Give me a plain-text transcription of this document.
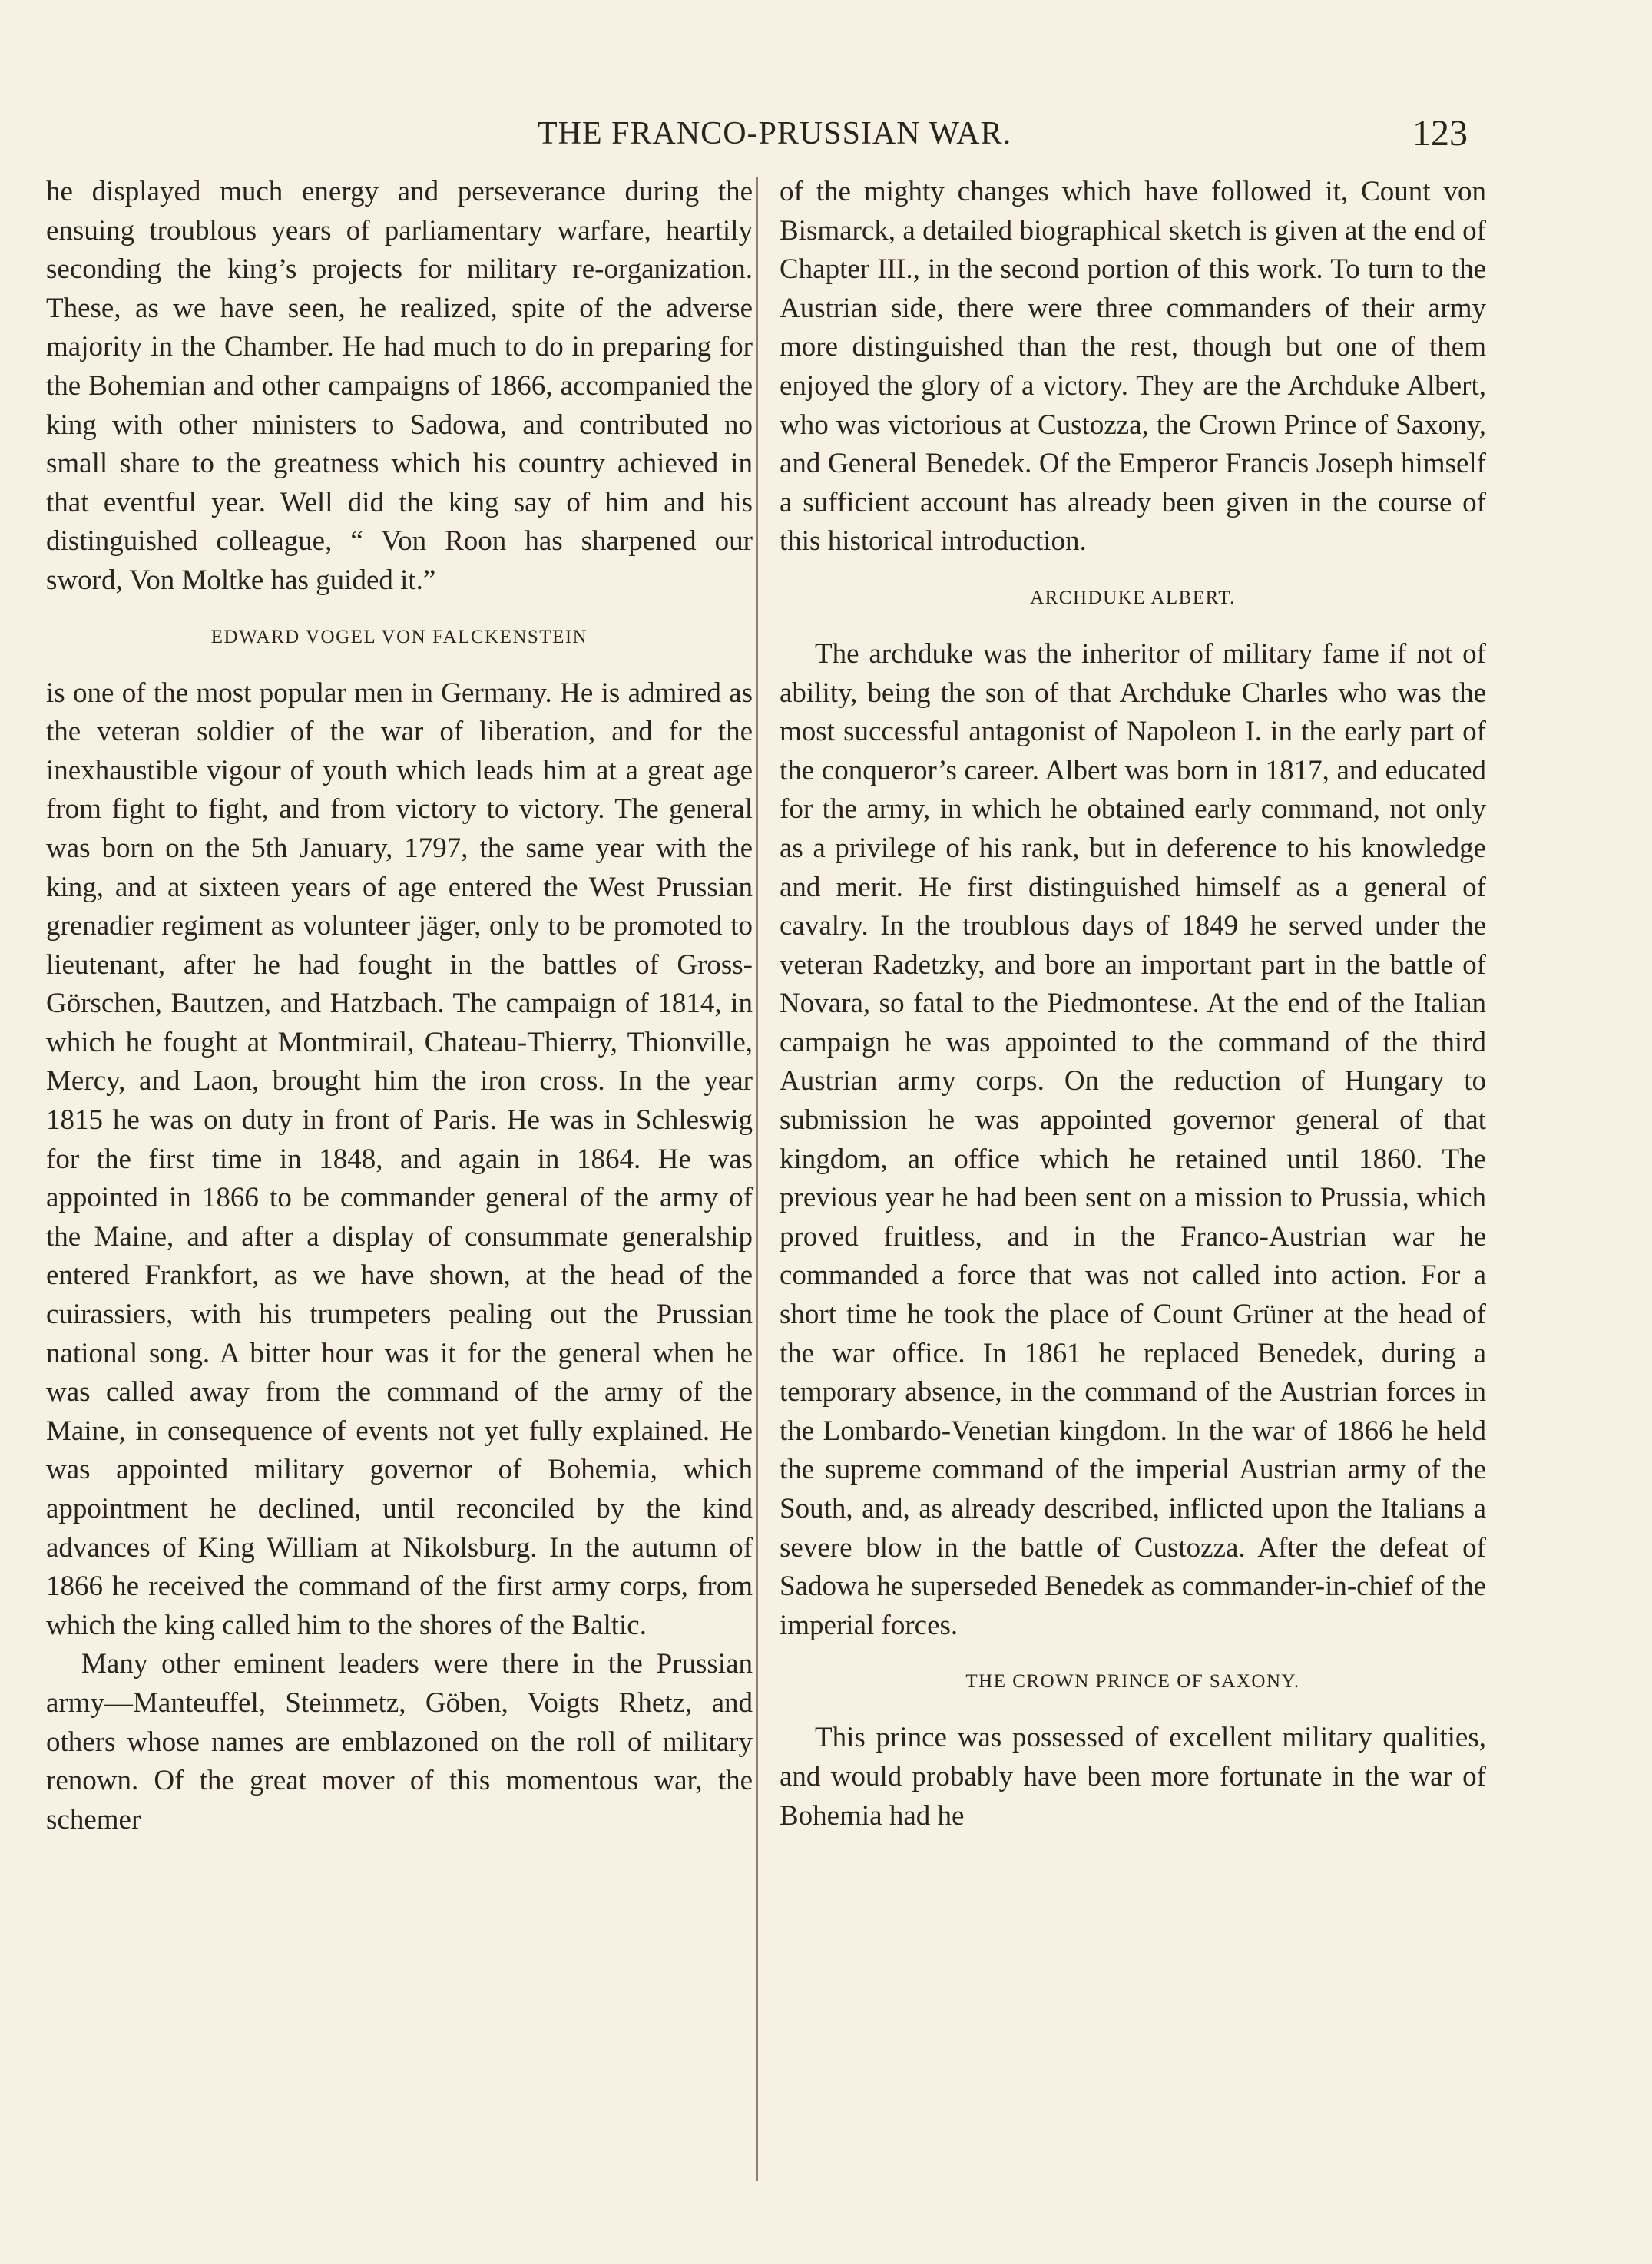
THE FRANCO-PRUSSIAN WAR.	123

he displayed much energy and perseverance during the ensuing troublous years of parliamentary warfare, heartily seconding the king’s projects for military re-organization. These, as we have seen, he realized, spite of the adverse majority in the Chamber. He had much to do in preparing for the Bohemian and other campaigns of 1866, accompanied the king with other ministers to Sadowa, and contributed no small share to the greatness which his country achieved in that eventful year. Well did the king say of him and his distinguished colleague, “ Von Roon has sharpened our sword, Von Moltke has guided it.”

EDWARD VOGEL VON FALCKENSTEIN

is one of the most popular men in Germany. He is admired as the veteran soldier of the war of liberation, and for the inexhaustible vigour of youth which leads him at a great age from fight to fight, and from victory to victory. The general was born on the 5th January, 1797, the same year with the king, and at sixteen years of age entered the West Prussian grenadier regiment as volunteer jäger, only to be promoted to lieutenant, after he had fought in the battles of Gross-Görschen, Bautzen, and Hatzbach. The campaign of 1814, in which he fought at Montmirail, Chateau-Thierry, Thionville, Mercy, and Laon, brought him the iron cross. In the year 1815 he was on duty in front of Paris. He was in Schleswig for the first time in 1848, and again in 1864. He was appointed in 1866 to be commander general of the army of the Maine, and after a display of consummate generalship entered Frankfort, as we have shown, at the head of the cuirassiers, with his trumpeters pealing out the Prussian national song. A bitter hour was it for the general when he was called away from the command of the army of the Maine, in consequence of events not yet fully explained. He was appointed military governor of Bohemia, which appointment he declined, until reconciled by the kind advances of King William at Nikolsburg. In the autumn of 1866 he received the command of the first army corps, from which the king called him to the shores of the Baltic.

Many other eminent leaders were there in the Prussian army—Manteuffel, Steinmetz, Göben, Voigts Rhetz, and others whose names are emblazoned on the roll of military renown. Of the great mover of this momentous war, the schemer

of the mighty changes which have followed it, Count von Bismarck, a detailed biographical sketch is given at the end of Chapter III., in the second portion of this work. To turn to the Austrian side, there were three commanders of their army more distinguished than the rest, though but one of them enjoyed the glory of a victory. They are the Archduke Albert, who was victorious at Custozza, the Crown Prince of Saxony, and General Benedek. Of the Emperor Francis Joseph himself a sufficient account has already been given in the course of this historical introduction.

ARCHDUKE ALBERT.

The archduke was the inheritor of military fame if not of ability, being the son of that Archduke Charles who was the most successful antagonist of Napoleon I. in the early part of the conqueror’s career. Albert was born in 1817, and educated for the army, in which he obtained early command, not only as a privilege of his rank, but in deference to his knowledge and merit. He first distinguished himself as a general of cavalry. In the troublous days of 1849 he served under the veteran Radetzky, and bore an important part in the battle of Novara, so fatal to the Piedmontese. At the end of the Italian campaign he was appointed to the command of the third Austrian army corps. On the reduction of Hungary to submission he was appointed governor general of that kingdom, an office which he retained until 1860. The previous year he had been sent on a mission to Prussia, which proved fruitless, and in the Franco-Austrian war he commanded a force that was not called into action. For a short time he took the place of Count Grüner at the head of the war office. In 1861 he replaced Benedek, during a temporary absence, in the command of the Austrian forces in the Lombardo-Venetian kingdom. In the war of 1866 he held the supreme command of the imperial Austrian army of the South, and, as already described, inflicted upon the Italians a severe blow in the battle of Custozza. After the defeat of Sadowa he superseded Benedek as commander-in-chief of the imperial forces.

THE CROWN PRINCE OF SAXONY.

This prince was possessed of excellent military qualities, and would probably have been more fortunate in the war of Bohemia had he
